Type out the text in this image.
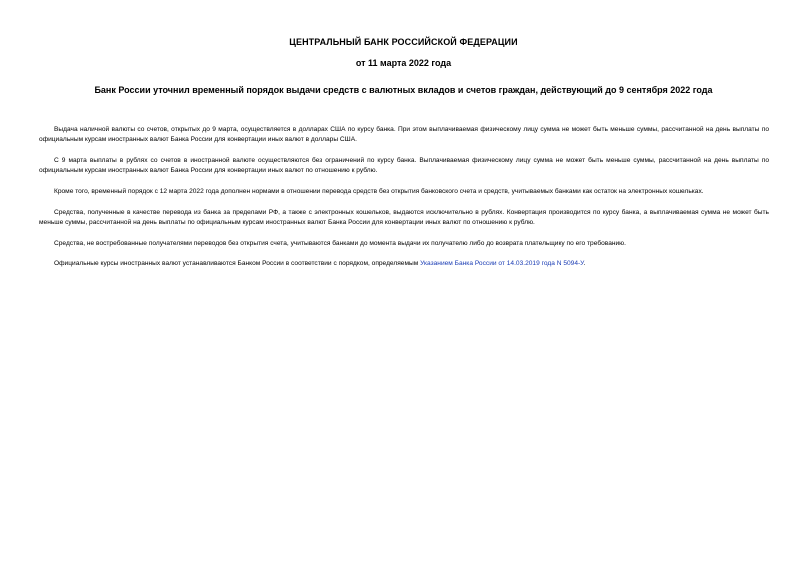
ЦЕНТРАЛЬНЫЙ БАНК РОССИЙСКОЙ ФЕДЕРАЦИИ
от 11 марта 2022 года
Банк России уточнил временный порядок выдачи средств с валютных вкладов и счетов граждан, действующий до 9 сентября 2022 года

Выдача наличной валюты со счетов, открытых до 9 марта, осуществляется в долларах США по курсу банка. При этом выплачиваемая физическому лицу сумма не может быть меньше суммы, рассчитанной на день выплаты по официальным курсам иностранных валют Банка России для конвертации иных валют в доллары США.

С 9 марта выплаты в рублях со счетов в иностранной валюте осуществляются без ограничений по курсу банка. Выплачиваемая физическому лицу сумма не может быть меньше суммы, рассчитанной на день выплаты по официальным курсам иностранных валют Банка России для конвертации иных валют по отношению к рублю.

Кроме того, временный порядок с 12 марта 2022 года дополнен нормами в отношении перевода средств без открытия банковского счета и средств, учитываемых банками как остаток на электронных кошельках.

Средства, полученные в качестве перевода из банка за пределами РФ, а также с электронных кошельков, выдаются исключительно в рублях. Конвертация производится по курсу банка, а выплачиваемая сумма не может быть меньше суммы, рассчитанной на день выплаты по официальным курсам иностранных валют Банка России для конвертации иных валют по отношению к рублю.

Средства, не востребованные получателями переводов без открытия счета, учитываются банками до момента выдачи их получателю либо до возврата плательщику по его требованию.

Официальные курсы иностранных валют устанавливаются Банком России в соответствии с порядком, определяемым Указанием Банка России от 14.03.2019 года N 5094-У.
